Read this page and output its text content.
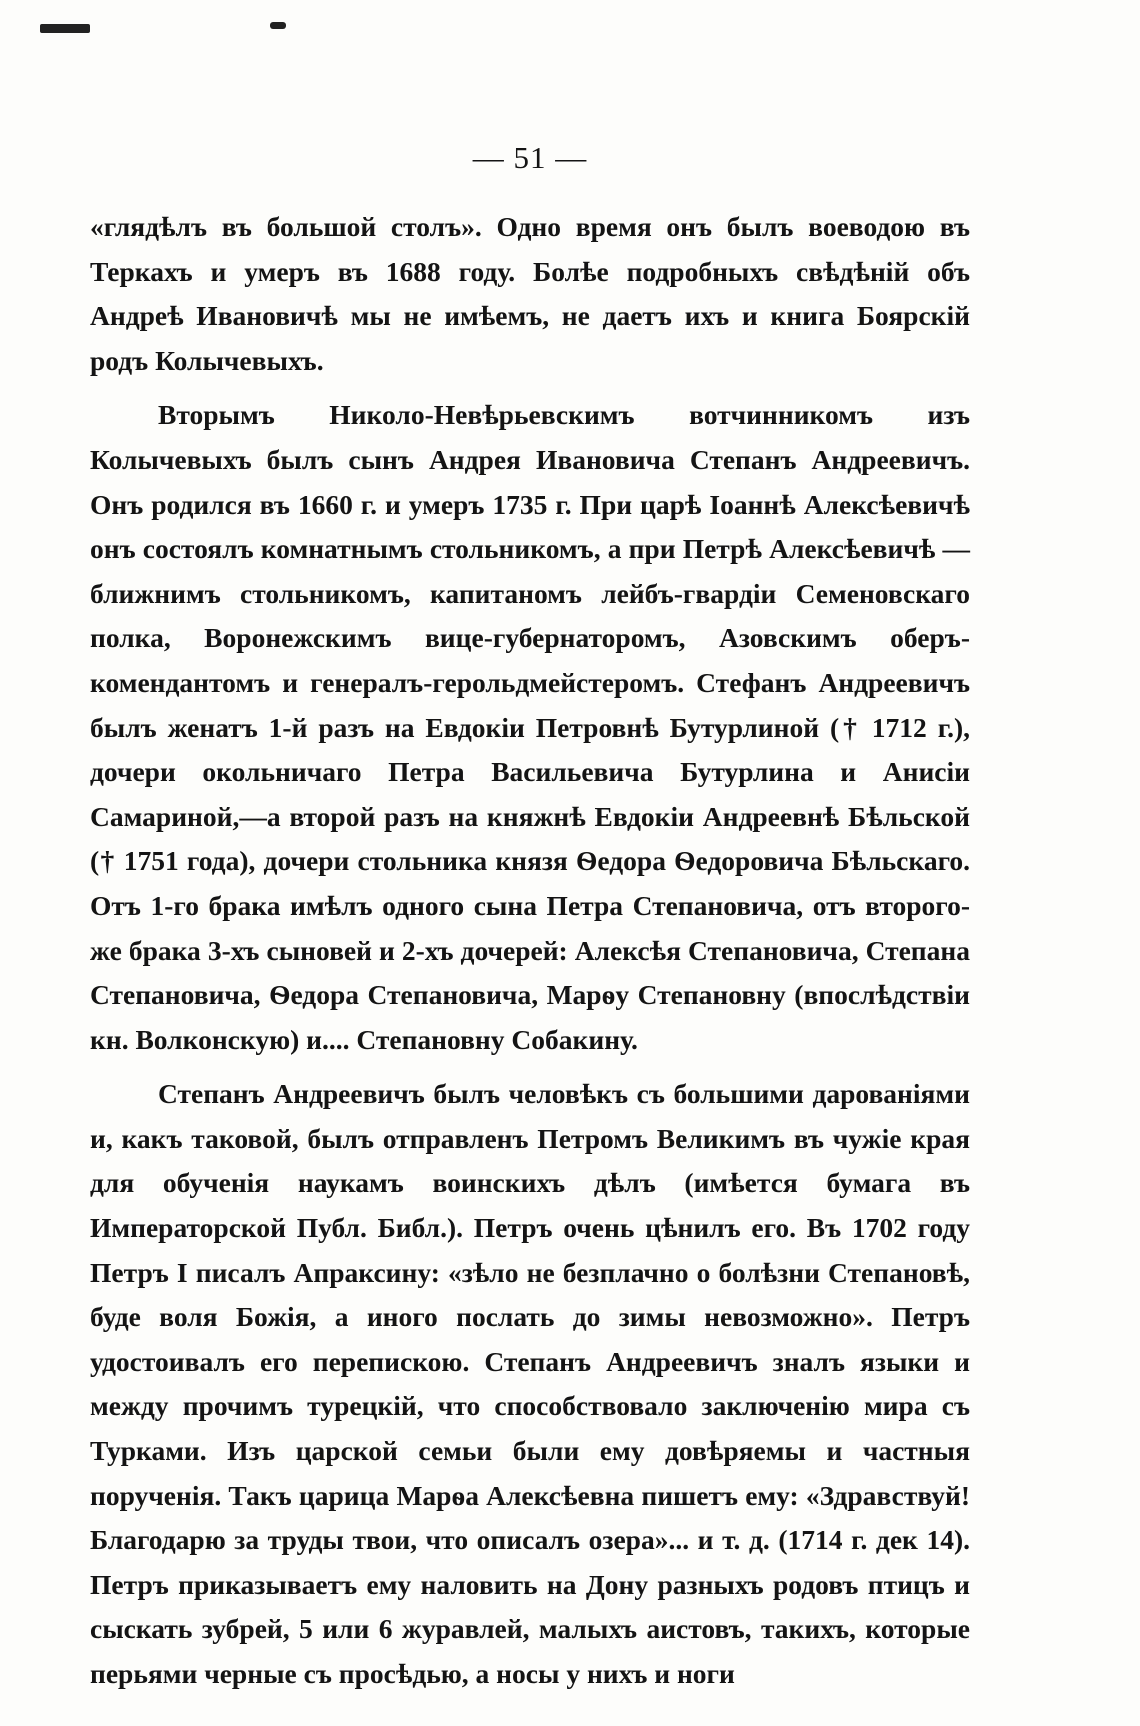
— 51 —

«глядѣлъ въ большой столъ». Одно время онъ былъ воеводою въ Теркахъ и умеръ въ 1688 году. Болѣе подробныхъ свѣдѣній объ Андреѣ Ивановичѣ мы не имѣемъ, не даетъ ихъ и книга Боярскій родъ Колычевыхъ.

Вторымъ Николо-Невѣрьевскимъ вотчинникомъ изъ Колычевыхъ былъ сынъ Андрея Ивановича Степанъ Андреевичъ. Онъ родился въ 1660 г. и умеръ 1735 г. При царѣ Іоаннѣ Алексѣевичѣ онъ состоялъ комнатнымъ стольникомъ, а при Петрѣ Алексѣевичѣ — ближнимъ стольникомъ, капитаномъ лейбъ-гвардіи Семеновскаго полка, Воронежскимъ вице-губернаторомъ, Азовскимъ оберъ-комендантомъ и генералъ-герольдмейстеромъ. Стефанъ Андреевичъ былъ женатъ 1-й разъ на Евдокіи Петровнѣ Бутурлиной († 1712 г.), дочери окольничаго Петра Васильевича Бутурлина и Анисіи Самариной,—а второй разъ на княжнѣ Евдокіи Андреевнѣ Бѣльской († 1751 года), дочери стольника князя Ѳедора Ѳедоровича Бѣльскаго. Отъ 1-го брака имѣлъ одного сына Петра Степановича, отъ второго-же брака 3-хъ сыновей и 2-хъ дочерей: Алексѣя Степановича, Степана Степановича, Ѳедора Степановича, Марѳу Степановну (впослѣдствіи кн. Волконскую) и.... Степановну Собакину.

Степанъ Андреевичъ былъ человѣкъ съ большими дарованіями и, какъ таковой, былъ отправленъ Петромъ Великимъ въ чужіе края для обученія наукамъ воинскихъ дѣлъ (имѣется бумага въ Императорской Публ. Библ.). Петръ очень цѣнилъ его. Въ 1702 году Петръ I писалъ Апраксину: «зѣло не безплачно о болѣзни Степановѣ, буде воля Божія, а иного послать до зимы невозможно». Петръ удостоивалъ его перепискою. Степанъ Андреевичъ зналъ языки и между прочимъ турецкій, что способствовало заключенію мира съ Турками. Изъ царской семьи были ему довѣряемы и частныя порученія. Такъ царица Марѳа Алексѣевна пишетъ ему: «Здравствуй! Благодарю за труды твои, что описалъ озера»... и т. д. (1714 г. дек 14). Петръ приказываетъ ему наловить на Дону разныхъ родовъ птицъ и сыскать зубрей, 5 или 6 журавлей, малыхъ аистовъ, такихъ, которые перьями черные съ просѣдью, а носы у нихъ и ноги
